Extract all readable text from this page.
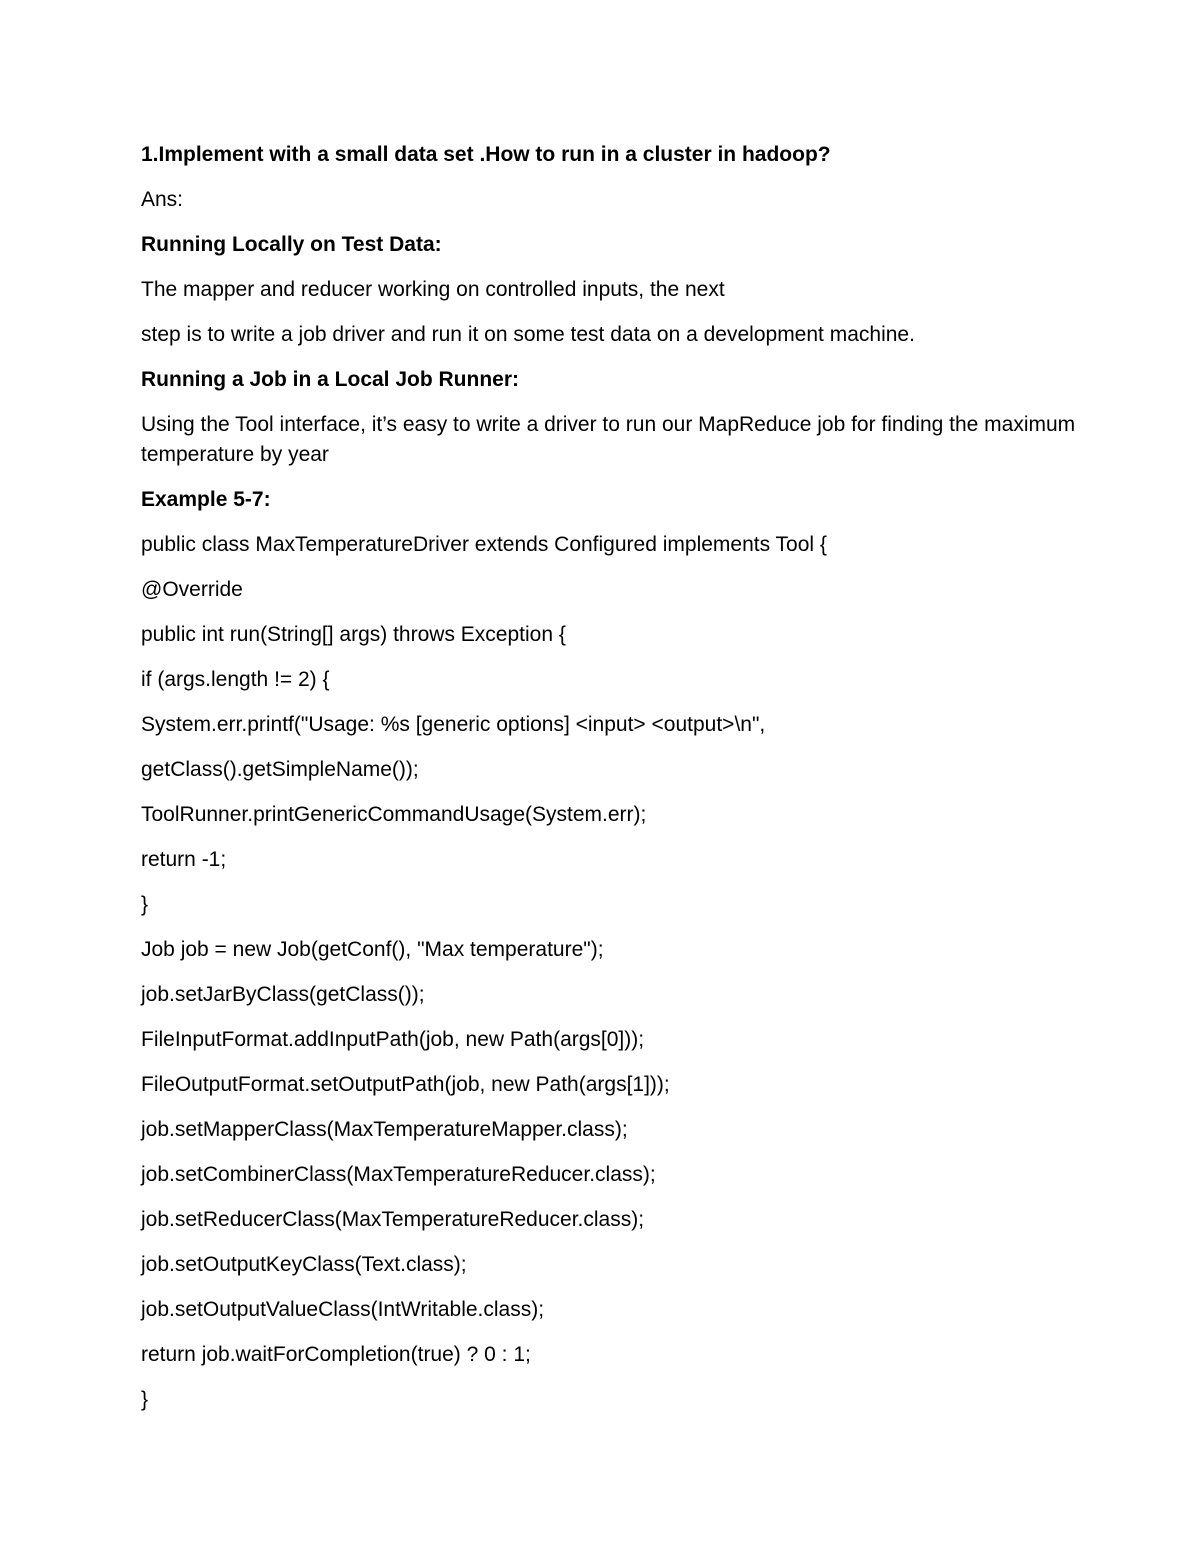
1.Implement with a small data set .How to run in a cluster in hadoop?

Ans:

Running Locally on Test Data:

The mapper and reducer working on controlled inputs, the next

step is to write a job driver and run it on some test data on a development machine.

Running a Job in a Local Job Runner:

Using the Tool interface, it’s easy to write a driver to run our MapReduce job for finding the maximum temperature by year

Example 5-7:

public class MaxTemperatureDriver extends Configured implements Tool {

@Override

public int run(String[] args) throws Exception {

if (args.length != 2) {

System.err.printf("Usage: %s [generic options] <input> <output>\n",

getClass().getSimpleName());

ToolRunner.printGenericCommandUsage(System.err);

return -1;

}

Job job = new Job(getConf(), "Max temperature");

job.setJarByClass(getClass());

FileInputFormat.addInputPath(job, new Path(args[0]));

FileOutputFormat.setOutputPath(job, new Path(args[1]));

job.setMapperClass(MaxTemperatureMapper.class);

job.setCombinerClass(MaxTemperatureReducer.class);

job.setReducerClass(MaxTemperatureReducer.class);

job.setOutputKeyClass(Text.class);

job.setOutputValueClass(IntWritable.class);

return job.waitForCompletion(true) ? 0 : 1;

}
